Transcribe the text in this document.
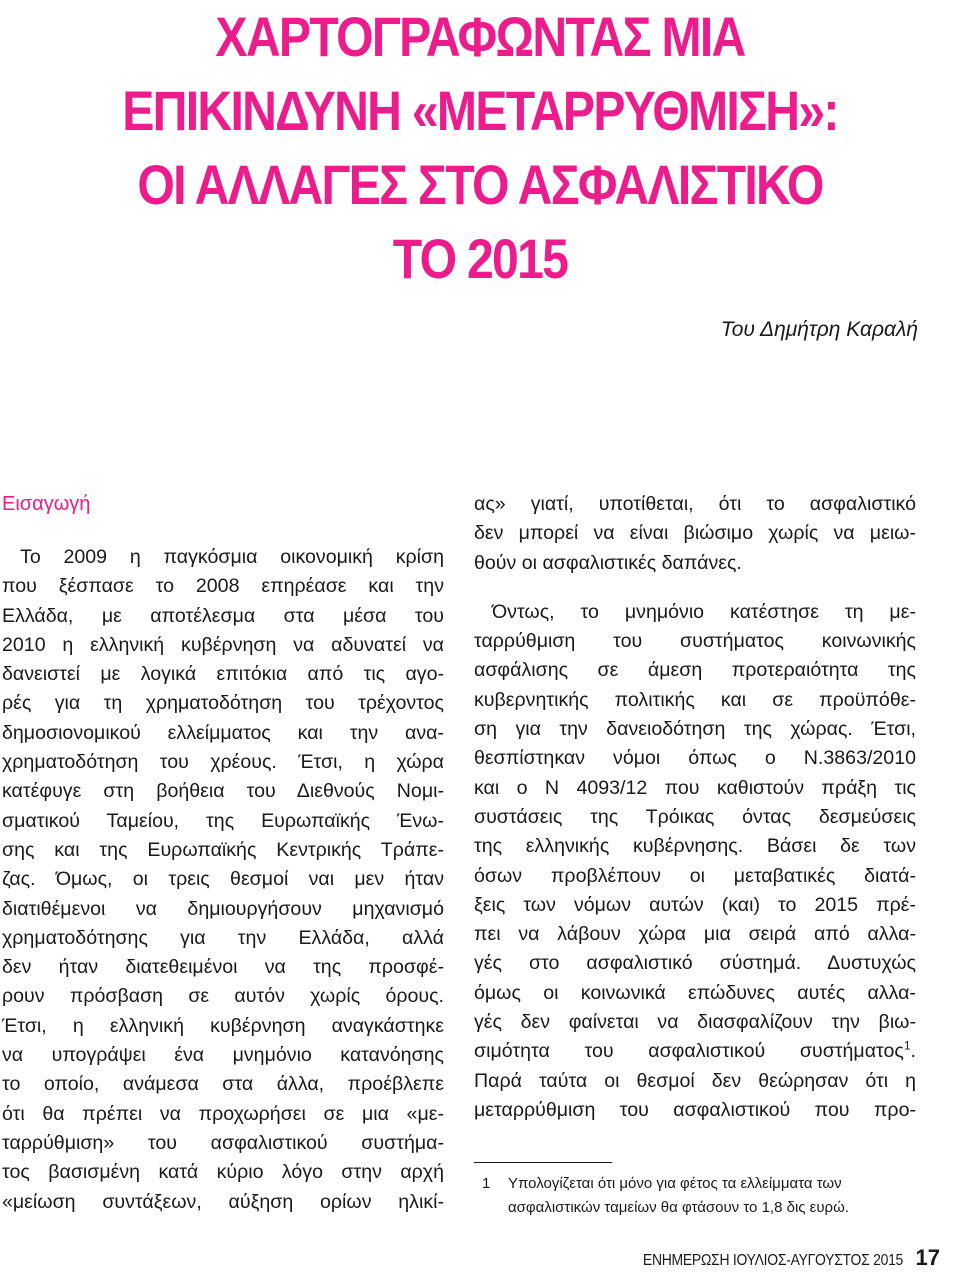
ΧΑΡΤΟΓΡΑΦΩΝΤΑΣ ΜΙΑ
ΕΠΙΚΙΝΔΥΝΗ «ΜΕΤΑΡΡΥΘΜΙΣΗ»:
ΟΙ ΑΛΛΑΓΕΣ ΣΤΟ ΑΣΦΑΛΙΣΤΙΚΟ
ΤΟ 2015
Του Δημήτρη Καραλή
Εισαγωγή
Το 2009 η παγκόσμια οικονομική κρίση
που ξέσπασε το 2008 επηρέασε και την
Ελλάδα, με αποτέλεσμα στα μέσα του
2010 η ελληνική κυβέρνηση να αδυνατεί να
δανειστεί με λογικά επιτόκια από τις αγο-
ρές για τη χρηματοδότηση του τρέχοντος
δημοσιονομικού ελλείμματος και την ανα-
χρηματοδότηση του χρέους. Έτσι, η χώρα
κατέφυγε στη βοήθεια του Διεθνούς Νομι-
σματικού Ταμείου, της Ευρωπαϊκής Ένω-
σης και της Ευρωπαϊκής Κεντρικής Τράπε-
ζας. Όμως, οι τρεις θεσμοί ναι μεν ήταν
διατιθέμενοι να δημιουργήσουν μηχανισμό
χρηματοδότησης για την Ελλάδα, αλλά
δεν ήταν διατεθειμένοι να της προσφέ-
ρουν πρόσβαση σε αυτόν χωρίς όρους.
Έτσι, η ελληνική κυβέρνηση αναγκάστηκε
να υπογράψει ένα μνημόνιο κατανόησης
το οποίο, ανάμεσα στα άλλα, προέβλεπε
ότι θα πρέπει να προχωρήσει σε μια «με-
ταρρύθμιση» του ασφαλιστικού συστήμα-
τος βασισμένη κατά κύριο λόγο στην αρχή
«μείωση συντάξεων, αύξηση ορίων ηλικί-
ας» γιατί, υποτίθεται, ότι το ασφαλιστικό
δεν μπορεί να είναι βιώσιμο χωρίς να μειω-
θούν οι ασφαλιστικές δαπάνες.
Όντως, το μνημόνιο κατέστησε τη με-
ταρρύθμιση του συστήματος κοινωνικής
ασφάλισης σε άμεση προτεραιότητα της
κυβερνητικής πολιτικής και σε προϋπόθε-
ση για την δανειοδότηση της χώρας. Έτσι,
θεσπίστηκαν νόμοι όπως ο Ν.3863/2010
και ο Ν 4093/12 που καθιστούν πράξη τις
συστάσεις της Τρόικας όντας δεσμεύσεις
της ελληνικής κυβέρνησης. Βάσει δε των
όσων προβλέπουν οι μεταβατικές διατά-
ξεις των νόμων αυτών (και) το 2015 πρέ-
πει να λάβουν χώρα μια σειρά από αλλα-
γές στο ασφαλιστικό σύστημά. Δυστυχώς
όμως οι κοινωνικά επώδυνες αυτές αλλα-
γές δεν φαίνεται να διασφαλίζουν την βιω-
σιμότητα του ασφαλιστικού συστήματος$^1$.
Παρά ταύτα οι θεσμοί δεν θεώρησαν ότι η
μεταρρύθμιση του ασφαλιστικού που προ-
1	Υπολογίζεται ότι μόνο για φέτος τα ελλείμματα των
ασφαλιστικών ταμείων θα φτάσουν το 1,8 δις ευρώ.
ΕΝΗΜΕΡΩΣΗ ΙΟΥΛΙΟΣ-ΑΥΓΟΥΣΤΟΣ 2015 17
